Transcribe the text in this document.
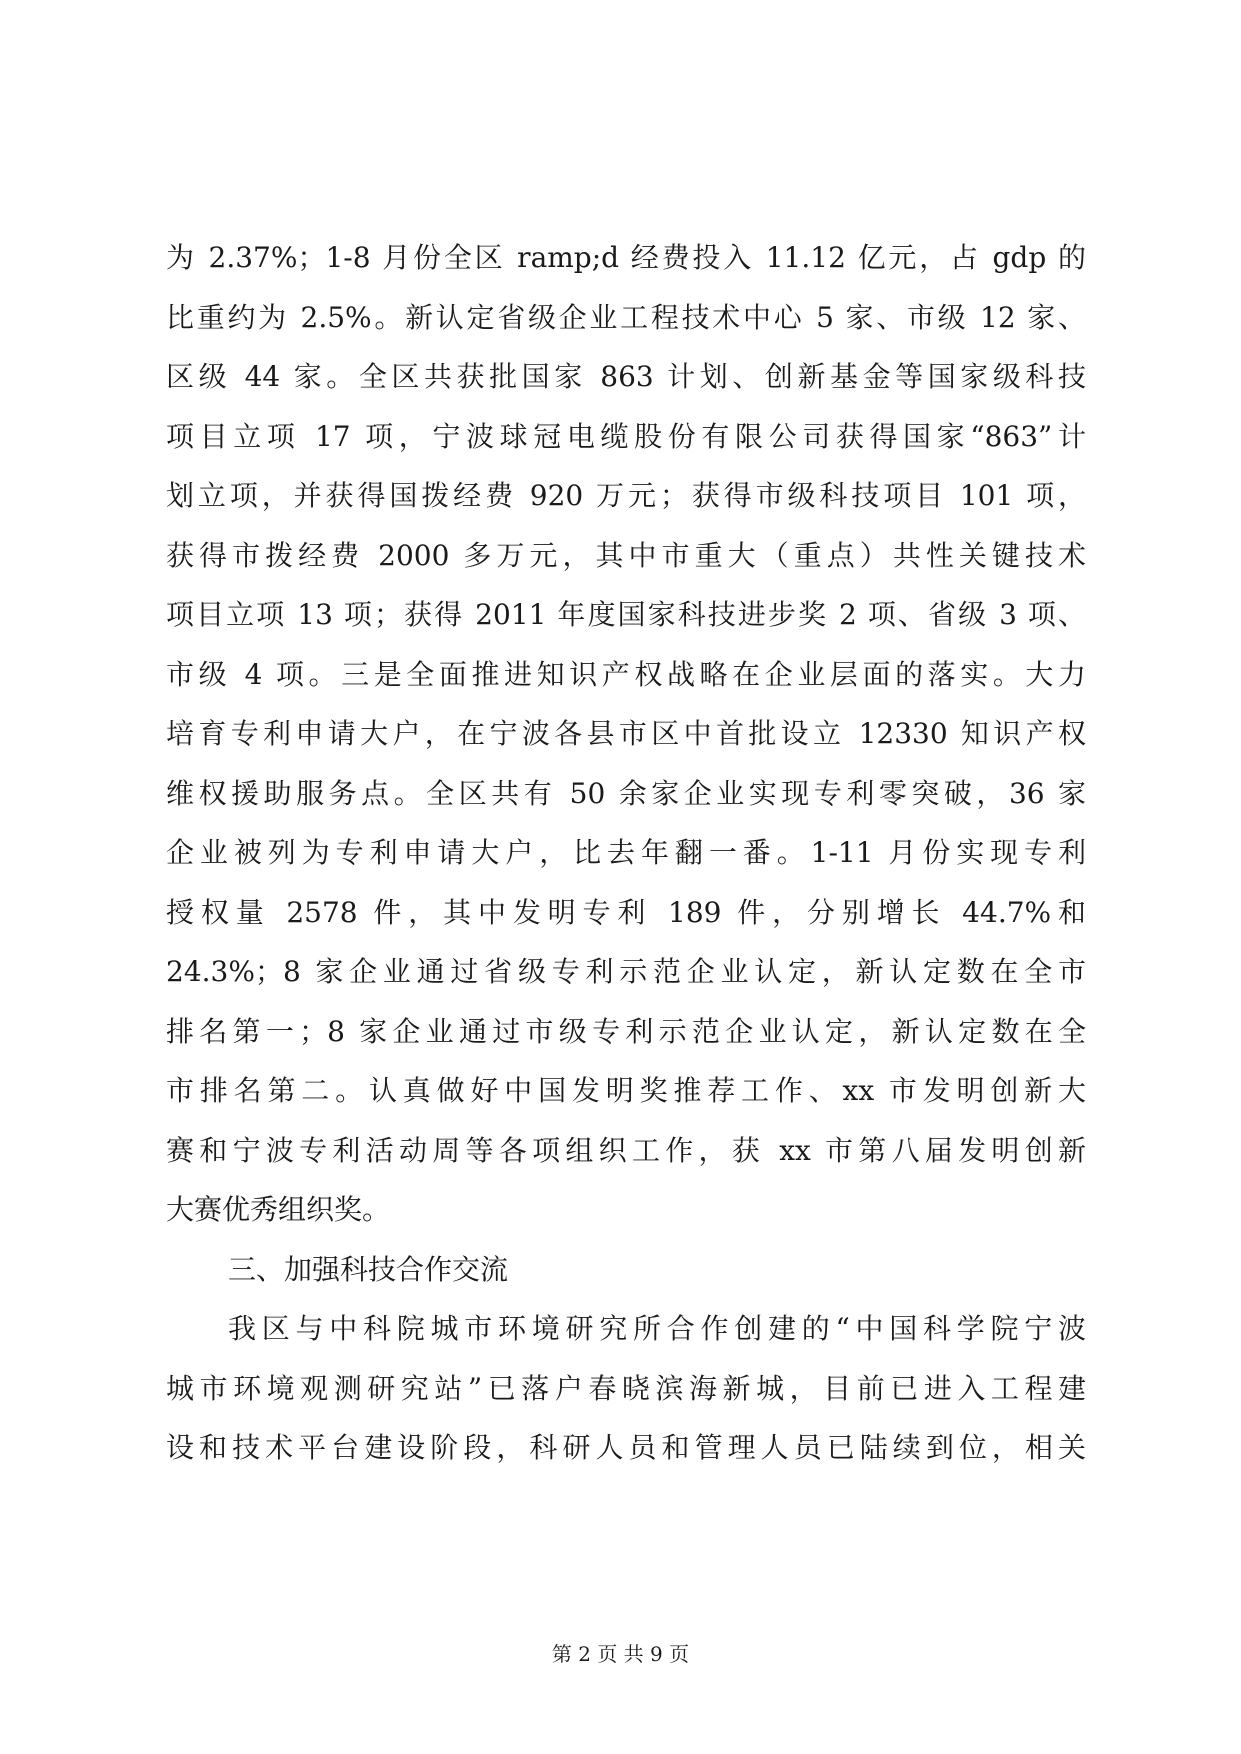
为 2.37%；1-8 月份全区 ramp;d 经费投入 11.12 亿元，占 gdp 的
比重约为 2.5%。新认定省级企业工程技术中心 5 家、市级 12 家、
区级 44 家。全区共获批国家 863 计划、创新基金等国家级科技
项目立项 17 项，宁波球冠电缆股份有限公司获得国家“863”计
划立项，并获得国拨经费 920 万元；获得市级科技项目 101 项，
获得市拨经费 2000 多万元，其中市重大（重点）共性关键技术
项目立项 13 项；获得 2011 年度国家科技进步奖 2 项、省级 3 项、
市级 4 项。三是全面推进知识产权战略在企业层面的落实。大力
培育专利申请大户，在宁波各县市区中首批设立 12330 知识产权
维权援助服务点。全区共有 50 余家企业实现专利零突破，36 家
企业被列为专利申请大户，比去年翻一番。1-11 月份实现专利
授权量 2578 件，其中发明专利 189 件，分别增长 44.7%和
24.3%；8 家企业通过省级专利示范企业认定，新认定数在全市
排名第一；8 家企业通过市级专利示范企业认定，新认定数在全
市排名第二。认真做好中国发明奖推荐工作、xx 市发明创新大
赛和宁波专利活动周等各项组织工作，获 xx 市第八届发明创新
大赛优秀组织奖。
三、加强科技合作交流
我区与中科院城市环境研究所合作创建的“中国科学院宁波
城市环境观测研究站”已落户春晓滨海新城，目前已进入工程建
设和技术平台建设阶段，科研人员和管理人员已陆续到位，相关
第 2 页 共 9 页
